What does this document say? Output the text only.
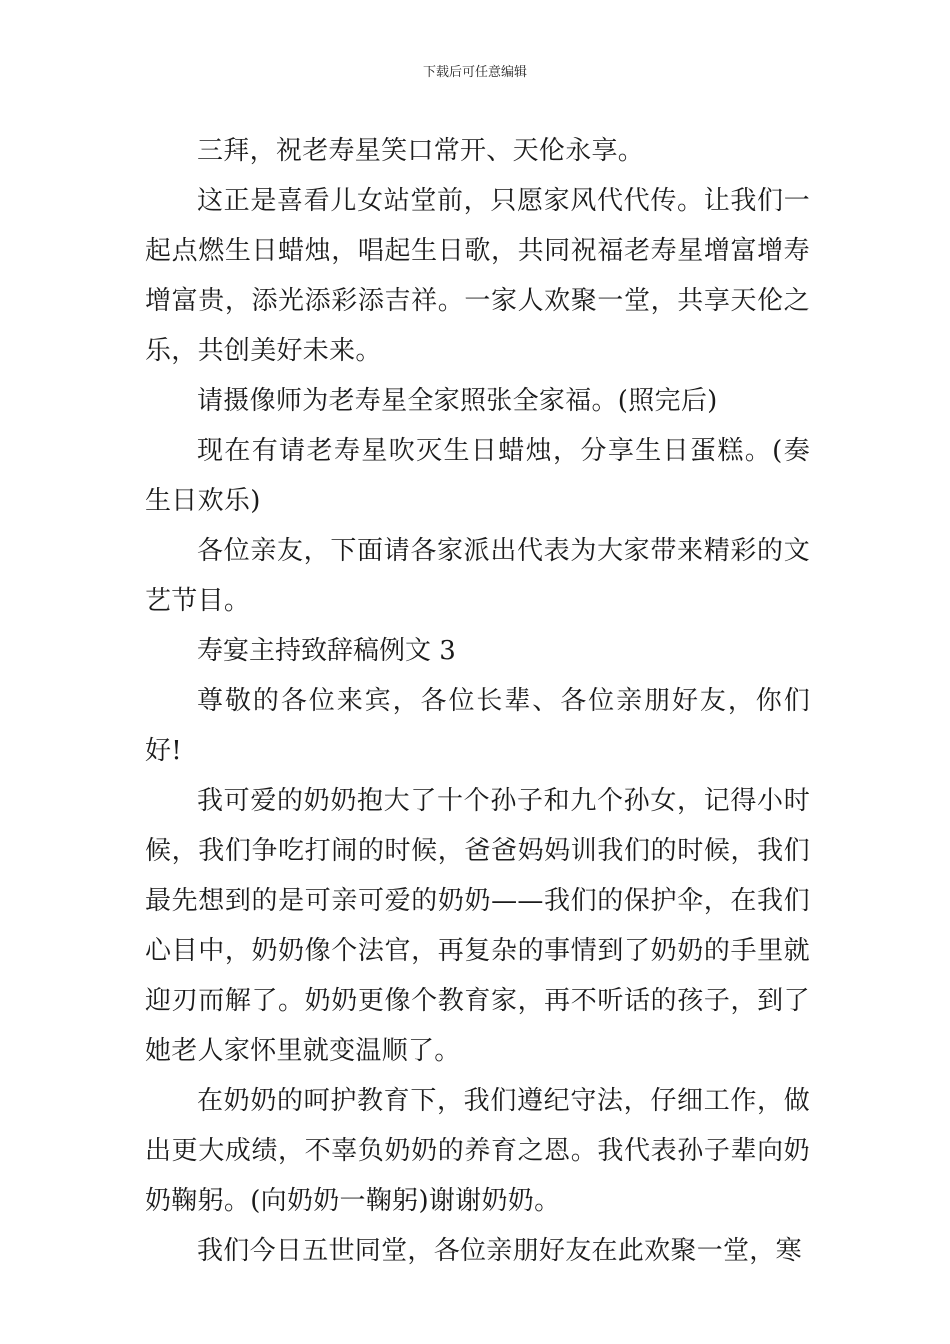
下载后可任意编辑

三拜，祝老寿星笑口常开、天伦永享。

这正是喜看儿女站堂前，只愿家风代代传。让我们一起点燃生日蜡烛，唱起生日歌，共同祝福老寿星增富增寿增富贵，添光添彩添吉祥。一家人欢聚一堂，共享天伦之乐，共创美好未来。

请摄像师为老寿星全家照张全家福。(照完后)

现在有请老寿星吹灭生日蜡烛，分享生日蛋糕。(奏生日欢乐)

各位亲友，下面请各家派出代表为大家带来精彩的文艺节目。

寿宴主持致辞稿例文 3

尊敬的各位来宾，各位长辈、各位亲朋好友，你们好!

我可爱的奶奶抱大了十个孙子和九个孙女，记得小时候，我们争吃打闹的时候，爸爸妈妈训我们的时候，我们最先想到的是可亲可爱的奶奶——我们的保护伞，在我们心目中，奶奶像个法官，再复杂的事情到了奶奶的手里就迎刃而解了。奶奶更像个教育家，再不听话的孩子，到了她老人家怀里就变温顺了。

在奶奶的呵护教育下，我们遵纪守法，仔细工作，做出更大成绩，不辜负奶奶的养育之恩。我代表孙子辈向奶奶鞠躬。(向奶奶一鞠躬)谢谢奶奶。

我们今日五世同堂，各位亲朋好友在此欢聚一堂，寒
